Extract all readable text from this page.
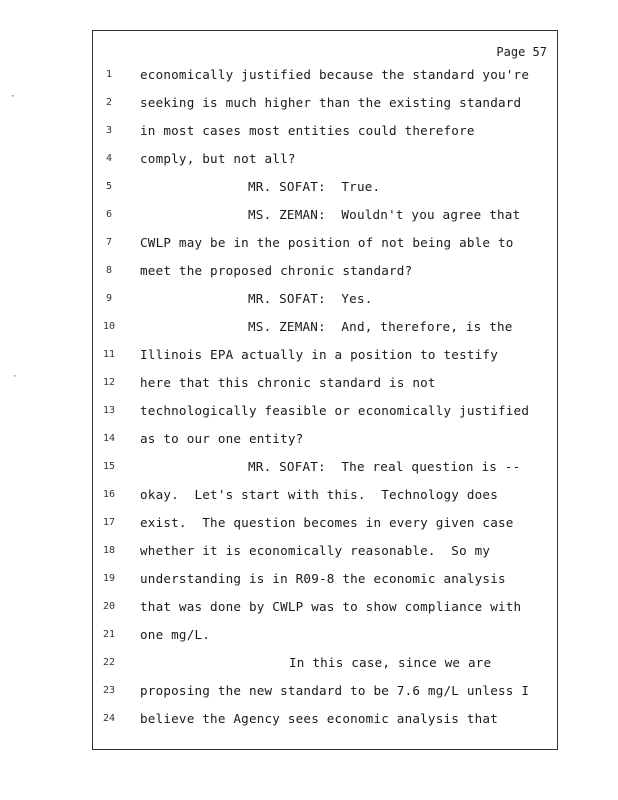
Page 57
1	economically justified because the standard you're
2	seeking is much higher than the existing standard
3	in most cases most entities could therefore
4	comply, but not all?
5	MR. SOFAT:  True.
6	MS. ZEMAN:  Wouldn't you agree that
7	CWLP may be in the position of not being able to
8	meet the proposed chronic standard?
9	MR. SOFAT:  Yes.
10	MS. ZEMAN:  And, therefore, is the
11	Illinois EPA actually in a position to testify
12	here that this chronic standard is not
13	technologically feasible or economically justified
14	as to our one entity?
15	MR. SOFAT:  The real question is --
16	okay.  Let's start with this.  Technology does
17	exist.  The question becomes in every given case
18	whether it is economically reasonable.  So my
19	understanding is in R09-8 the economic analysis
20	that was done by CWLP was to show compliance with
21	one mg/L.
22	In this case, since we are
23	proposing the new standard to be 7.6 mg/L unless I
24	believe the Agency sees economic analysis that
·
·
